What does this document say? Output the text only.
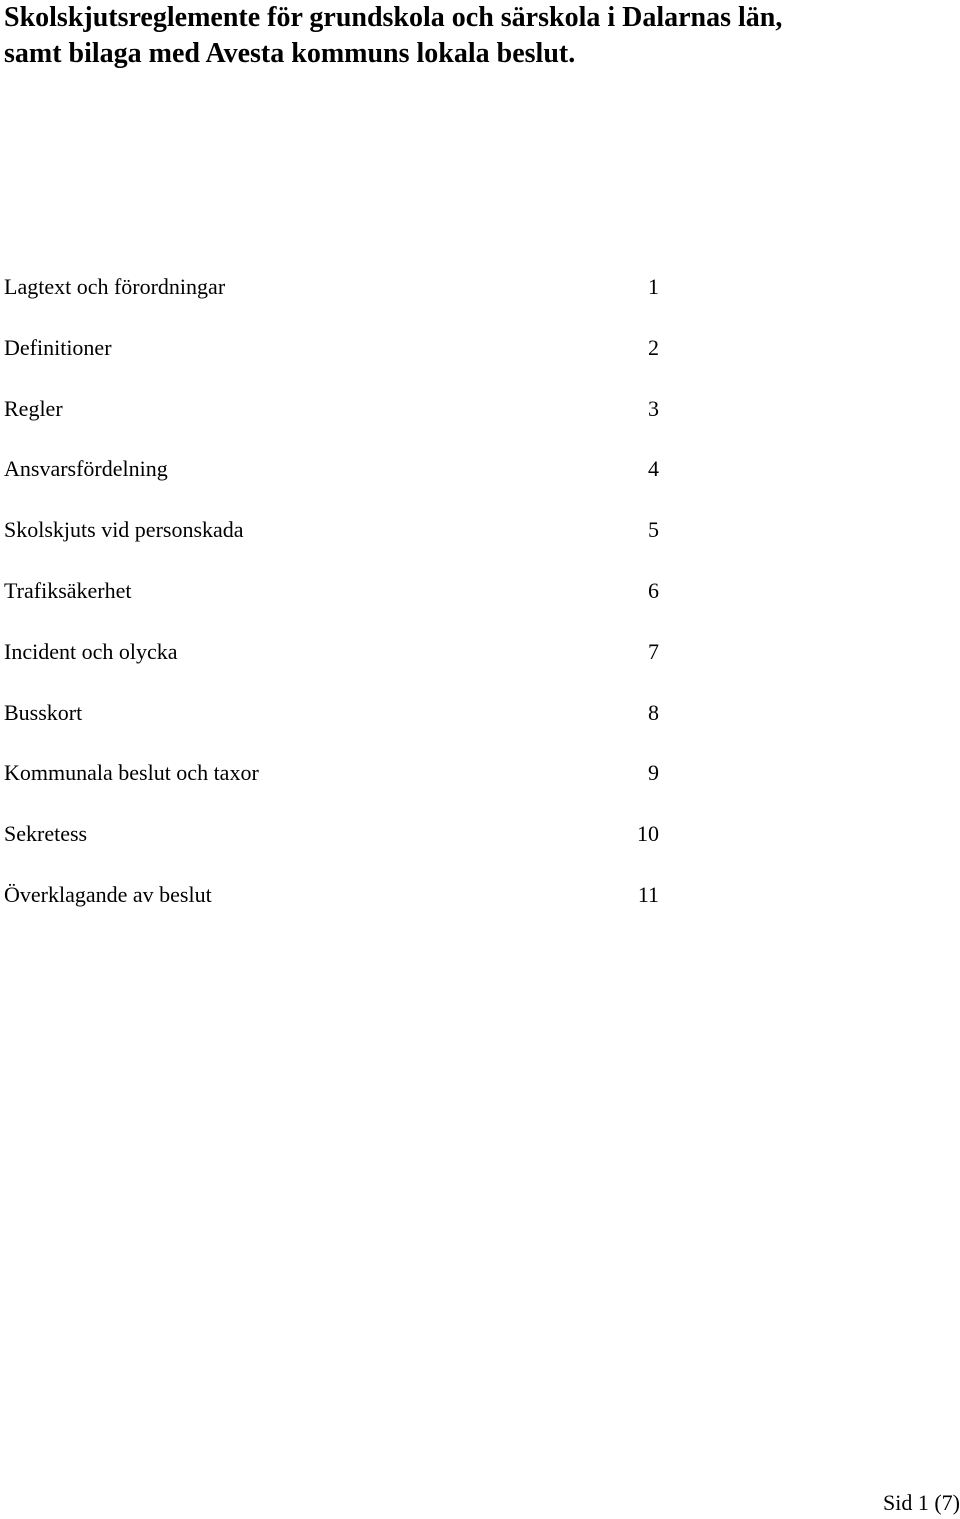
Skolskjutsreglemente för grundskola och särskola i Dalarnas län,
samt bilaga med Avesta kommuns lokala beslut.
Lagtext och förordningar	1
Definitioner	2
Regler	3
Ansvarsfördelning	4
Skolskjuts vid personskada	5
Trafiksäkerhet	6
Incident och olycka	7
Busskort	8
Kommunala beslut och taxor	9
Sekretess	10
Överklagande av beslut	11
Sid 1 (7)
